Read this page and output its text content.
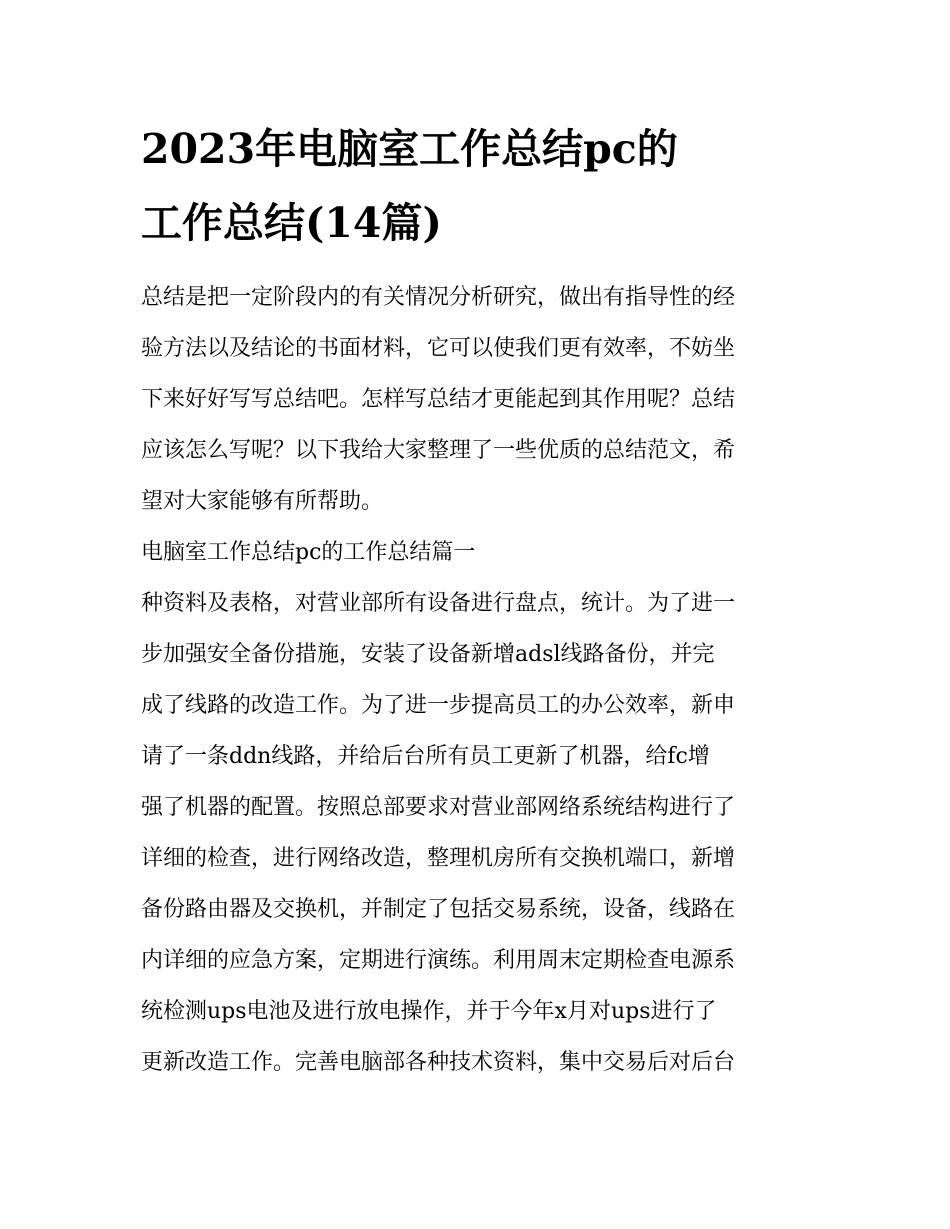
2023年电脑室工作总结pc的
工作总结(14篇)
总结是把一定阶段内的有关情况分析研究，做出有指导性的经
验方法以及结论的书面材料，它可以使我们更有效率，不妨坐
下来好好写写总结吧。怎样写总结才更能起到其作用呢？总结
应该怎么写呢？以下我给大家整理了一些优质的总结范文，希
望对大家能够有所帮助。
电脑室工作总结pc的工作总结篇一
种资料及表格，对营业部所有设备进行盘点，统计。为了进一
步加强安全备份措施，安装了设备新增adsl线路备份，并完
成了线路的改造工作。为了进一步提高员工的办公效率，新申
请了一条ddn线路，并给后台所有员工更新了机器，给fc增
强了机器的配置。按照总部要求对营业部网络系统结构进行了
详细的检查，进行网络改造，整理机房所有交换机端口，新增
备份路由器及交换机，并制定了包括交易系统，设备，线路在
内详细的应急方案，定期进行演练。利用周末定期检查电源系
统检测ups电池及进行放电操作，并于今年x月对ups进行了
更新改造工作。完善电脑部各种技术资料，集中交易后对后台
